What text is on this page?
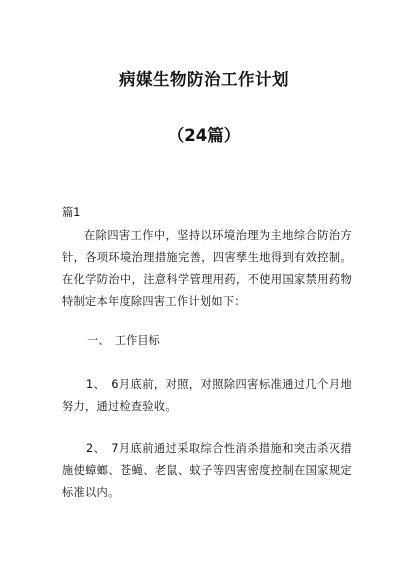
病媒生物防治工作计划
（24篇）
篇1

在除四害工作中，坚持以环境治理为主地综合防治方针，各项环境治理措施完善，四害孳生地得到有效控制。在化学防治中，注意科学管理用药，不使用国家禁用药物特制定本年度除四害工作计划如下：

一、　工作目标

1、　6月底前，对照，对照除四害标准通过几个月地努力，通过检查验收。

2、　7月底前通过采取综合性消杀措施和突击杀灭措施使蟑螂、苍蝇、老鼠、蚊子等四害密度控制在国家规定标准以内。
